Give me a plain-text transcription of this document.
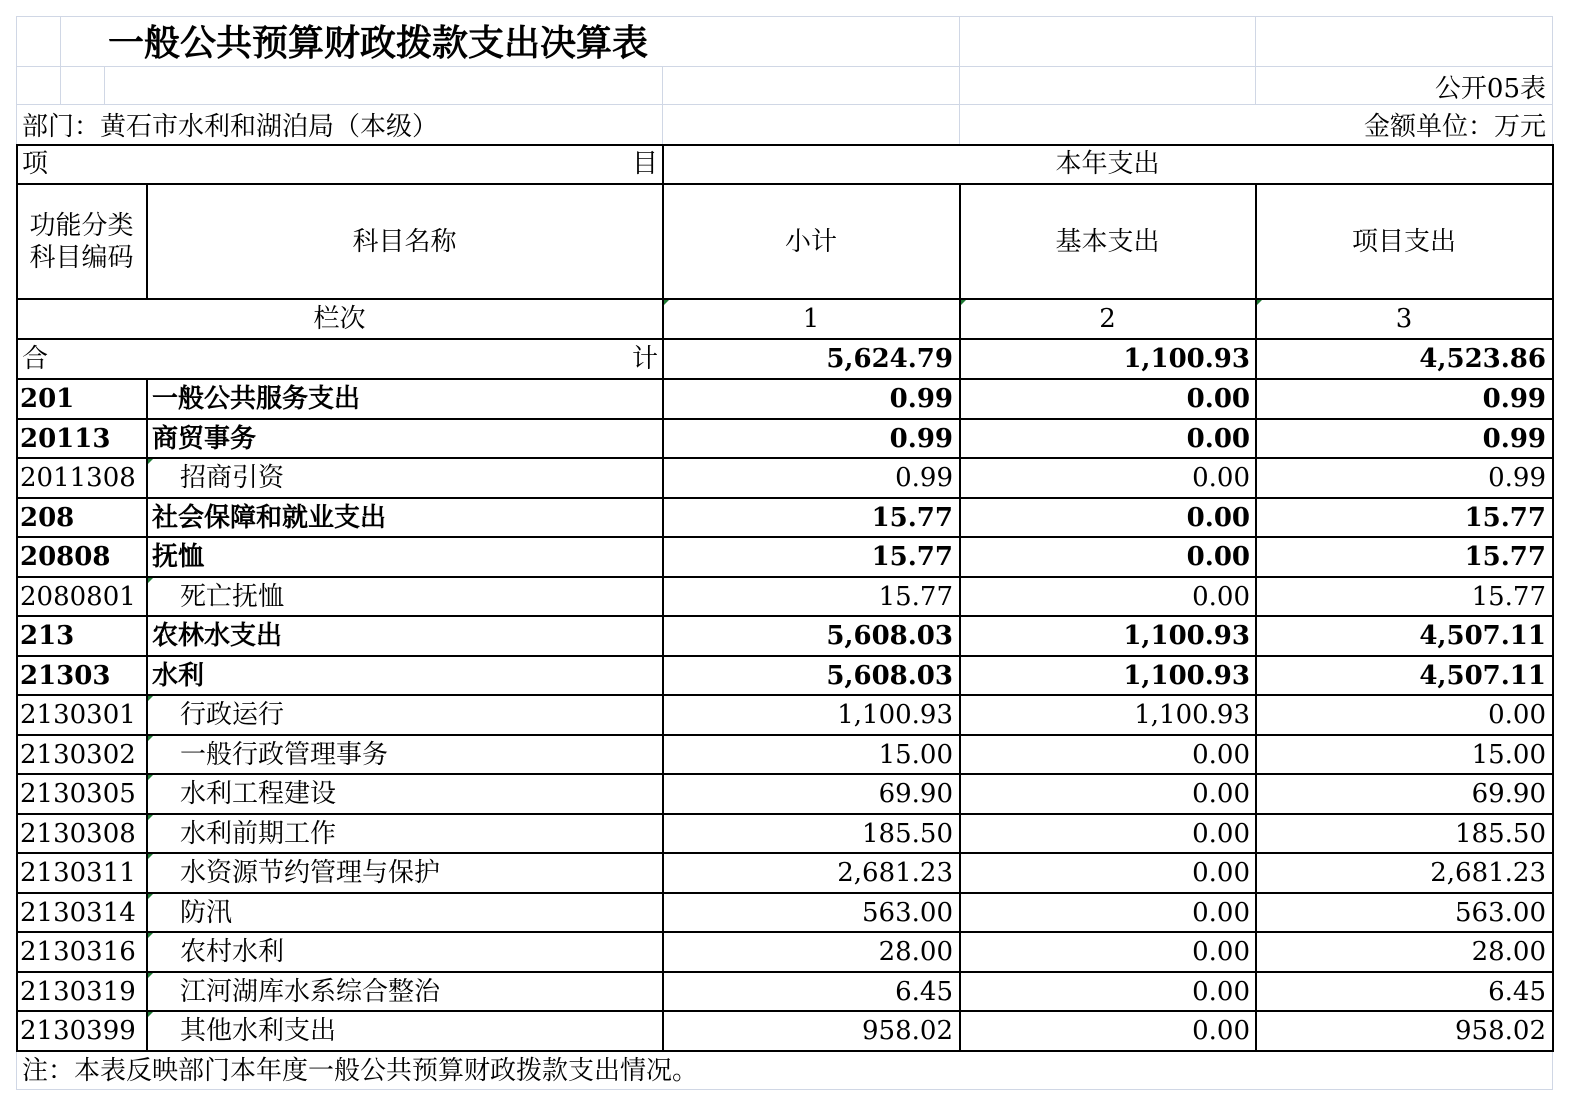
一般公共预算财政拨款支出决算表
公开05表
部门：黄石市水利和湖泊局（本级）	金额单位：万元
项	目	本年支出
功能分类
科目编码
科目名称	小计	基本支出	项目支出
栏次	1	2	3
合	计	5,624.79	1,100.93	4,523.86
201	一般公共服务支出	0.99	0.00	0.99
20113 商贸事务	0.99	0.00	0.99
2011308 招商引资	0.99	0.00	0.99
208	社会保障和就业支出	15.77	0.00	15.77
20808 抚恤	15.77	0.00	15.77
2080801 死亡抚恤	15.77	0.00	15.77
213	农林水支出	5,608.03	1,100.93	4,507.11
21303 水利	5,608.03	1,100.93	4,507.11
2130301 行政运行	1,100.93	1,100.93	0.00
2130302 一般行政管理事务	15.00	0.00	15.00
2130305 水利工程建设	69.90	0.00	69.90
2130308 水利前期工作	185.50	0.00	185.50
2130311 水资源节约管理与保护	2,681.23	0.00	2,681.23
2130314 防汛	563.00	0.00	563.00
2130316 农村水利	28.00	0.00	28.00
2130319 江河湖库水系综合整治	6.45	0.00	6.45
2130399 其他水利支出	958.02	0.00	958.02
注：本表反映部门本年度一般公共预算财政拨款支出情况。
